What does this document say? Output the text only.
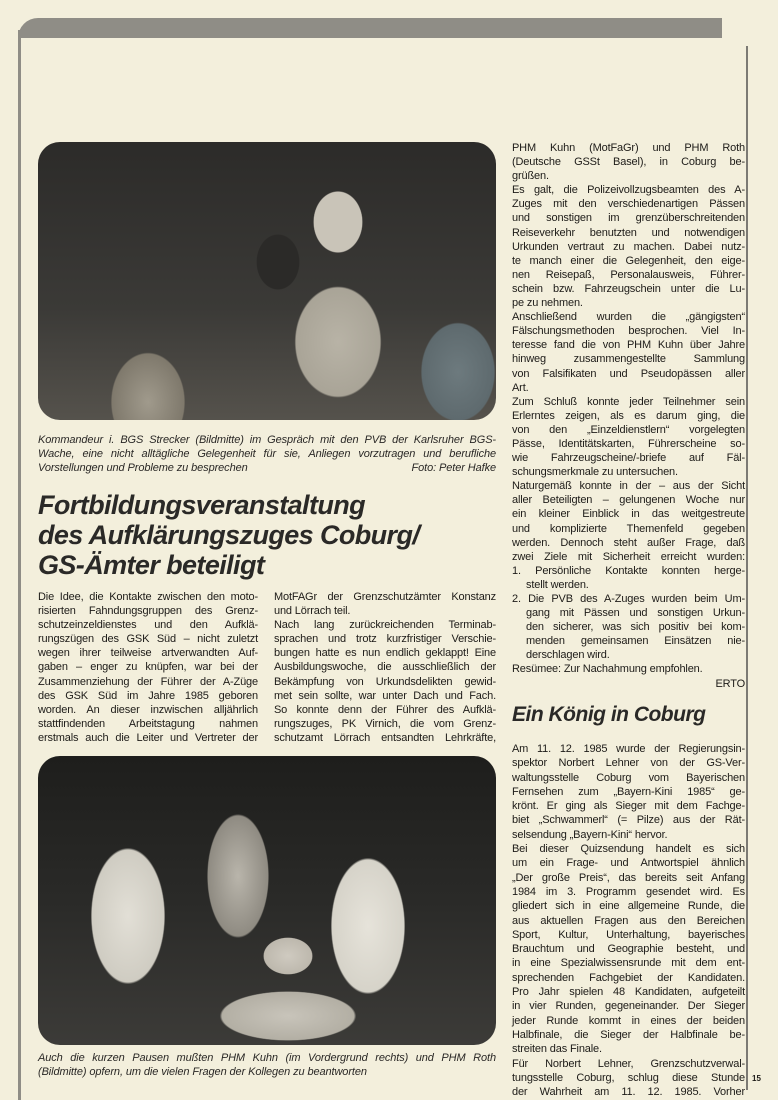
Kommandeur i. BGS Strecker (Bildmitte) im Gespräch mit den PVB der Karlsruher BGS-
Wache, eine nicht alltägliche Gelegenheit für sie, Anliegen vorzutragen und berufliche
Vorstellungen und Probleme zu besprechen	Foto: Peter Hafke
Fortbildungsveranstaltung
des Aufklärungszuges Coburg/
GS-Ämter beteiligt
Die Idee, die Kontakte zwischen den moto-
risierten Fahndungsgruppen des Grenz-
schutzeinzeldienstes und den Aufklä-
rungszügen des GSK Süd – nicht zuletzt
wegen ihrer teilweise artverwandten Auf-
gaben – enger zu knüpfen, war bei der
Zusammenziehung der Führer der A-Züge
des GSK Süd im Jahre 1985 geboren
worden. An dieser inzwischen alljährlich
stattfindenden Arbeitstagung nahmen
erstmals auch die Leiter und Vertreter der
MotFAGr der Grenzschutzämter Konstanz
und Lörrach teil.
Nach lang zurückreichenden Terminab-
sprachen und trotz kurzfristiger Verschie-
bungen hatte es nun endlich geklappt! Eine
Ausbildungswoche, die ausschließlich der
Bekämpfung von Urkundsdelikten gewid-
met sein sollte, war unter Dach und Fach.
So konnte denn der Führer des Aufklä-
rungszuges, PK Virnich, die vom Grenz-
schutzamt Lörrach entsandten Lehrkräfte,
PHM Kuhn (MotFaGr) und PHM Roth
(Deutsche GSSt Basel), in Coburg be-
grüßen.
Es galt, die Polizeivollzugsbeamten des A-
Zuges mit den verschiedenartigen Pässen
und sonstigen im grenzüberschreitenden
Reiseverkehr benutzten und notwendigen
Urkunden vertraut zu machen. Dabei nutz-
te manch einer die Gelegenheit, den eige-
nen Reisepaß, Personalausweis, Führer-
schein bzw. Fahrzeugschein unter die Lu-
pe zu nehmen.
Anschließend wurden die „gängigsten“
Fälschungsmethoden besprochen. Viel In-
teresse fand die von PHM Kuhn über Jahre
hinweg zusammengestellte Sammlung
von Falsifikaten und Pseudopässen aller
Art.
Zum Schluß konnte jeder Teilnehmer sein
Erlerntes zeigen, als es darum ging, die
von den „Einzeldienstlern“ vorgelegten
Pässe, Identitätskarten, Führerscheine so-
wie Fahrzeugscheine/-briefe auf Fäl-
schungsmerkmale zu untersuchen.
Naturgemäß konnte in der – aus der Sicht
aller Beteiligten – gelungenen Woche nur
ein kleiner Einblick in das weitgestreute
und komplizierte Themenfeld gegeben
werden. Dennoch steht außer Frage, daß
zwei Ziele mit Sicherheit erreicht wurden:
1. Persönliche Kontakte konnten herge-
stellt werden.
2. Die PVB des A-Zuges wurden beim Um-
gang mit Pässen und sonstigen Urkun-
den sicherer, was sich positiv bei kom-
menden gemeinsamen Einsätzen nie-
derschlagen wird.
Resümee: Zur Nachahmung empfohlen.
ERTO
Auch die kurzen Pausen mußten PHM Kuhn (im Vordergrund rechts) und PHM Roth
(Bildmitte) opfern, um die vielen Fragen der Kollegen zu beantworten
Ein König in Coburg
Am 11. 12. 1985 wurde der Regierungsin-
spektor Norbert Lehner von der GS-Ver-
waltungsstelle Coburg vom Bayerischen
Fernsehen zum „Bayern-Kini 1985“ ge-
krönt. Er ging als Sieger mit dem Fachge-
biet „Schwammerl“ (= Pilze) aus der Rät-
selsendung „Bayern-Kini“ hervor.
Bei dieser Quizsendung handelt es sich
um ein Frage- und Antwortspiel ähnlich
„Der große Preis“, das bereits seit Anfang
1984 im 3. Programm gesendet wird. Es
gliedert sich in eine allgemeine Runde, die
aus aktuellen Fragen aus den Bereichen
Sport, Kultur, Unterhaltung, bayerisches
Brauchtum und Geographie besteht, und
in eine Spezialwissensrunde mit dem ent-
sprechenden Fachgebiet der Kandidaten.
Pro Jahr spielen 48 Kandidaten, aufgeteilt
in vier Runden, gegeneinander. Der Sieger
jeder Runde kommt in eines der beiden
Halbfinale, die Sieger der Halbfinale be-
streiten das Finale.
Für Norbert Lehner, Grenzschutzverwal-
tungsstelle Coburg, schlug diese Stunde
der Wahrheit am 11. 12. 1985. Vorher
15
